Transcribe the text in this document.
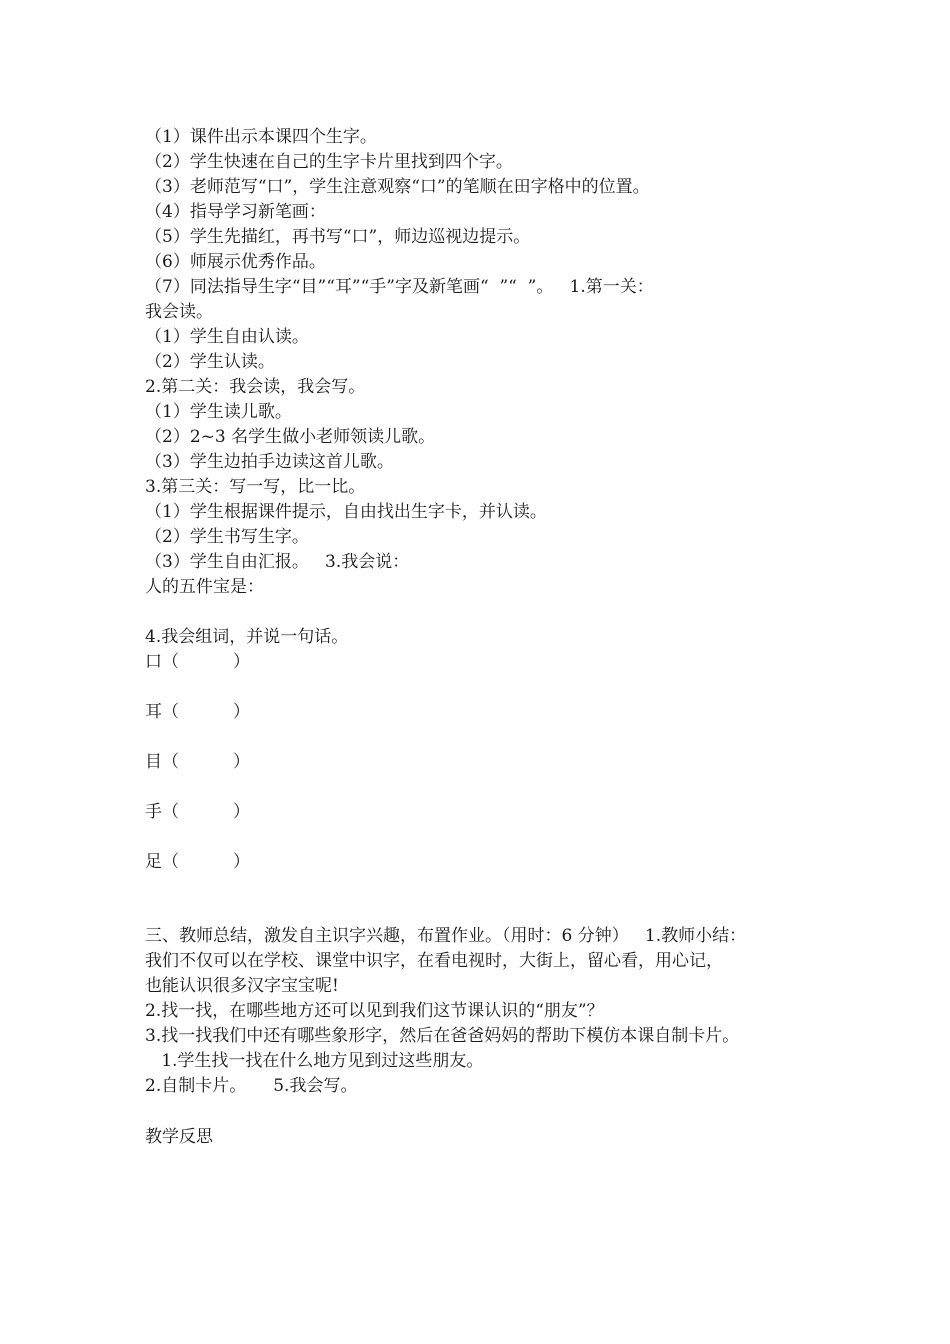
（1）课件出示本课四个生字。
（2）学生快速在自己的生字卡片里找到四个字。
（3）老师范写“口”，学生注意观察“口”的笔顺在田字格中的位置。
（4）指导学习新笔画：
（5）学生先描红，再书写“口”，师边巡视边提示。
（6）师展示优秀作品。
（7）同法指导生字“目”“耳”“手”字及新笔画“  ”“  ”。   1.第一关：
我会读。
（1）学生自由认读。
（2）学生认读。
2.第二关：我会读，我会写。
（1）学生读儿歌。
（2）2~3 名学生做小老师领读儿歌。
（3）学生边拍手边读这首儿歌。
3.第三关：写一写，比一比。
（1）学生根据课件提示，自由找出生字卡，并认读。
（2）学生书写生字。
（3）学生自由汇报。   3.我会说：
人的五件宝是：
4.我会组词，并说一句话。
口（          ）
耳（          ）
目（          ）
手（          ）
足（          ）
三、教师总结，激发自主识字兴趣，布置作业。（用时：6 分钟）   1.教师小结：
我们不仅可以在学校、课堂中识字，在看电视时，大街上，留心看，用心记，
也能认识很多汉字宝宝呢!
2.找一找，在哪些地方还可以见到我们这节课认识的“朋友”？
3.找一找我们中还有哪些象形字，然后在爸爸妈妈的帮助下模仿本课自制卡片。
1.学生找一找在什么地方见到过这些朋友。
2.自制卡片。     5.我会写。
教学反思
